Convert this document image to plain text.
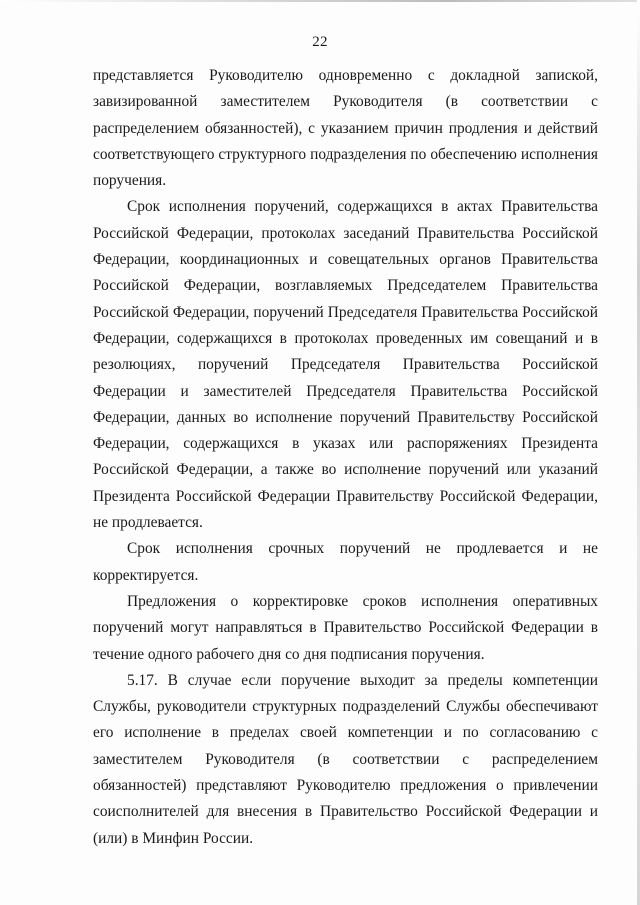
22

представляется Руководителю одновременно с докладной запиской, завизированной заместителем Руководителя (в соответствии с распределением обязанностей), с указанием причин продления и действий соответствующего структурного подразделения по обеспечению исполнения поручения.

Срок исполнения поручений, содержащихся в актах Правительства Российской Федерации, протоколах заседаний Правительства Российской Федерации, координационных и совещательных органов Правительства Российской Федерации, возглавляемых Председателем Правительства Российской Федерации, поручений Председателя Правительства Российской Федерации, содержащихся в протоколах проведенных им совещаний и в резолюциях, поручений Председателя Правительства Российской Федерации и заместителей Председателя Правительства Российской Федерации, данных во исполнение поручений Правительству Российской Федерации, содержащихся в указах или распоряжениях Президента Российской Федерации, а также во исполнение поручений или указаний Президента Российской Федерации Правительству Российской Федерации, не продлевается.

Срок исполнения срочных поручений не продлевается и не корректируется.

Предложения о корректировке сроков исполнения оперативных поручений могут направляться в Правительство Российской Федерации в течение одного рабочего дня со дня подписания поручения.

5.17. В случае если поручение выходит за пределы компетенции Службы, руководители структурных подразделений Службы обеспечивают его исполнение в пределах своей компетенции и по согласованию с заместителем Руководителя (в соответствии с распределением обязанностей) представляют Руководителю предложения о привлечении соисполнителей для внесения в Правительство Российской Федерации и (или) в Минфин России.
